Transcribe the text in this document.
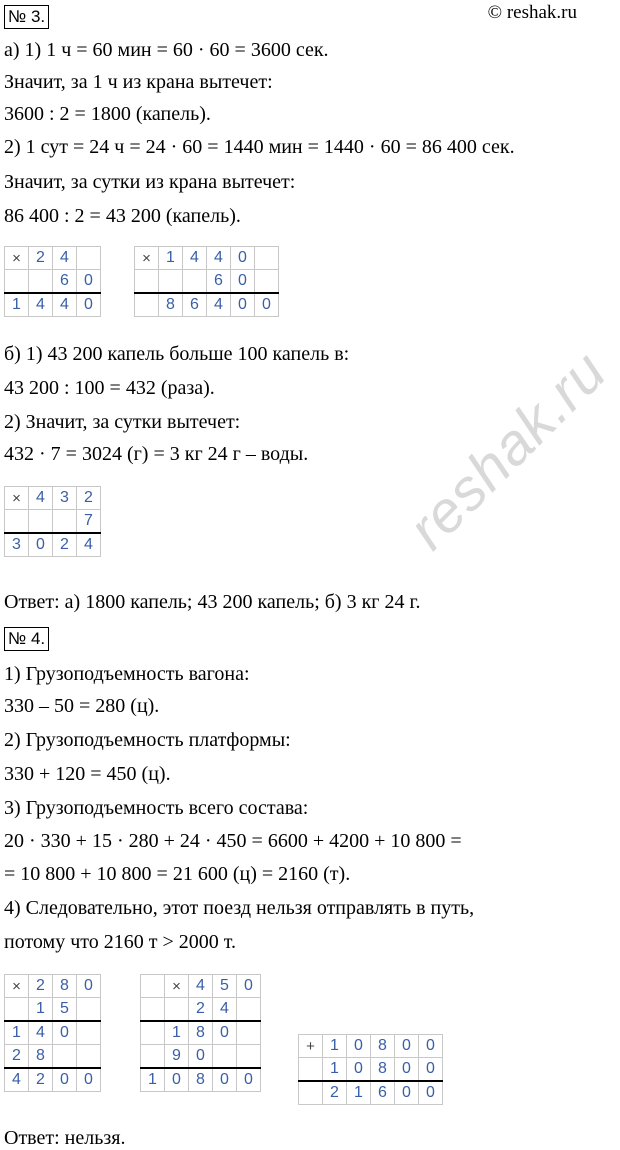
reshak.ru
© reshak.ru
№ 3.
а) 1) 1 ч = 60 мин = 60 · 60 = 3600 сек.
Значит, за 1 ч из крана вытечет:
3600 : 2 = 1800 (капель).
2) 1 сут = 24 ч = 24 · 60 = 1440 мин = 1440 · 60 = 86 400 сек.
Значит, за сутки из крана вытечет:
86 400 : 2 = 43 200 (капель).
×	2	4	
		6	0
1	4	4	0
×	1	4	4	0	
			6	0	
	8	6	4	0	0
б) 1) 43 200 капель больше 100 капель в:
43 200 : 100 = 432 (раза).
2) Значит, за сутки вытечет:
432 · 7 = 3024 (г) = 3 кг 24 г – воды.
×	4	3	2
			7
3	0	2	4
Ответ: а) 1800 капель; 43 200 капель; б) 3 кг 24 г.
№ 4.
1) Грузоподъемность вагона:
330 – 50 = 280 (ц).
2) Грузоподъемность платформы:
330 + 120 = 450 (ц).
3) Грузоподъемность всего состава:
20 · 330 + 15 · 280 + 24 · 450 = 6600 + 4200 + 10 800 =
= 10 800 + 10 800 = 21 600 (ц) = 2160 (т).
4) Следовательно, этот поезд нельзя отправлять в путь,
потому что 2160 т > 2000 т.
×	2	8	0
	1	5	
1	4	0	
2	8		
4	2	0	0
	×	4	5	0
		2	4	
	1	8	0	
	9	0		
1	0	8	0	0
+	1	0	8	0	0
	1	0	8	0	0
	2	1	6	0	0
Ответ: нельзя.
